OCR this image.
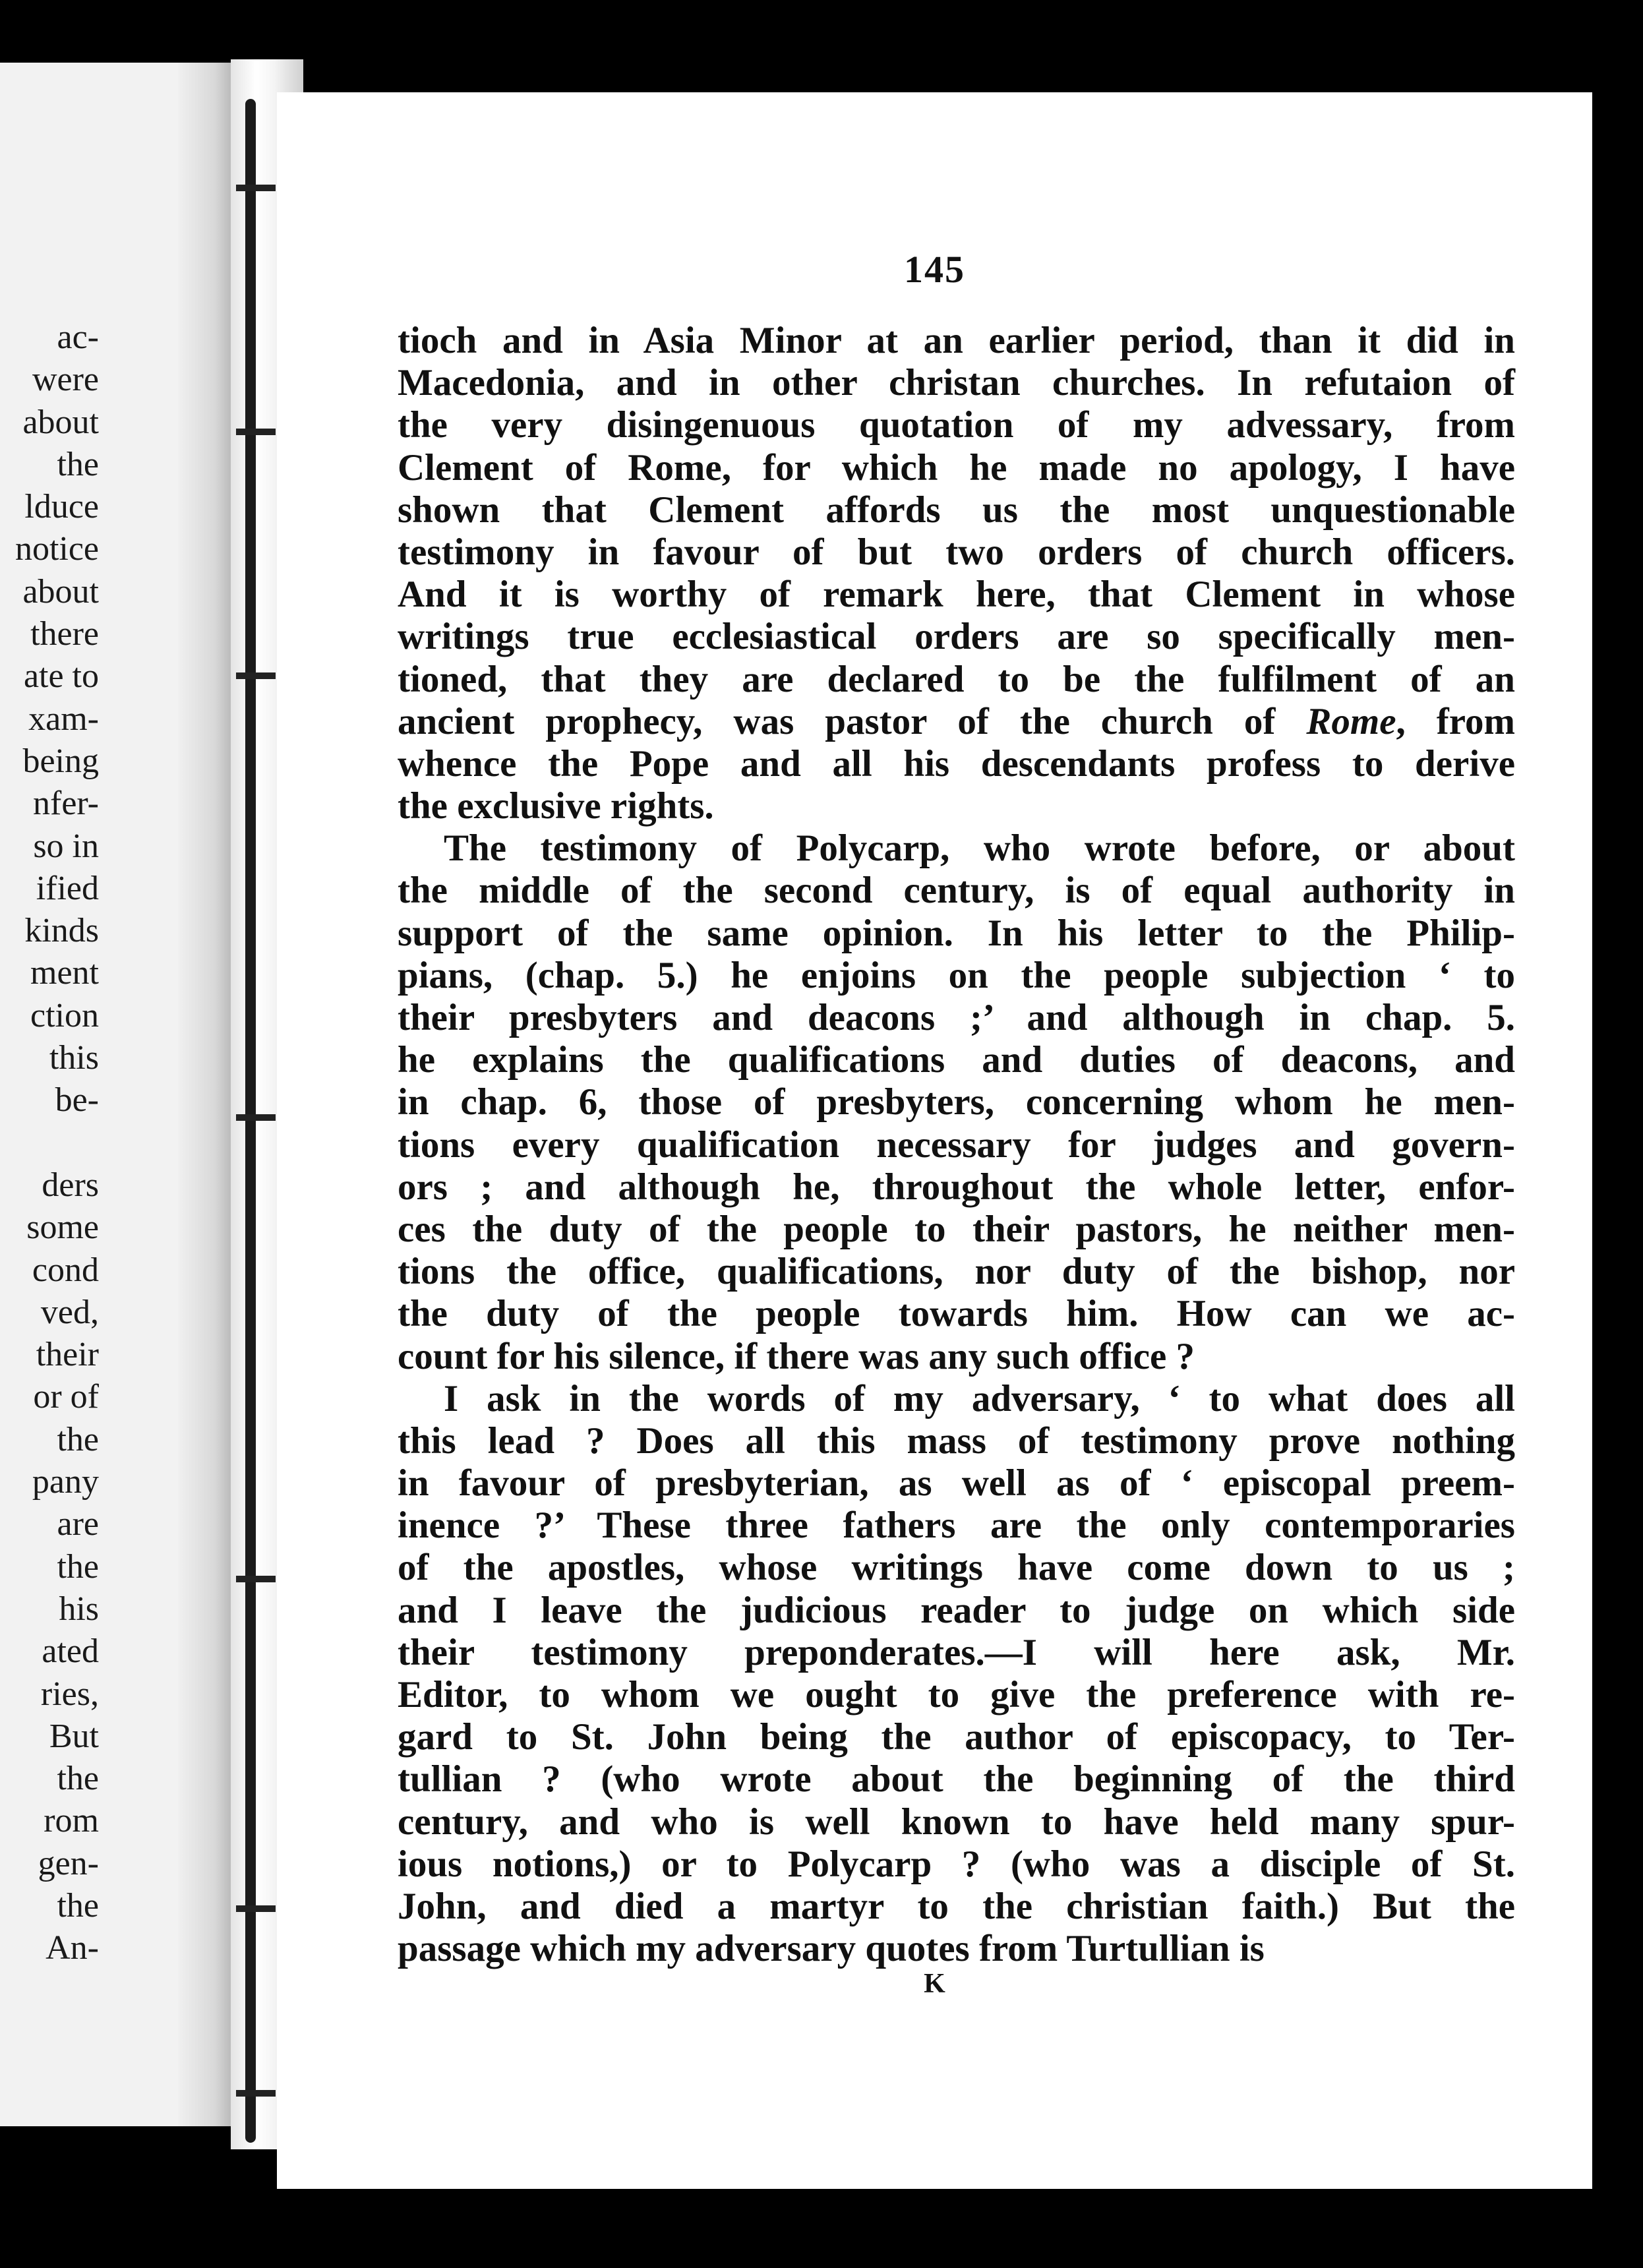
ac-
were
about
the
lduce
notice
about
there
ate to
xam-
being
nfer-
so in
ified
kinds
ment
ction
this
be-
ders
some
cond
ved,
their
or of
the
pany
are
the
his
ated
ries,
But
the
rom
gen-
the
An-
145
tioch and in Asia Minor at an earlier period, than it did in
Macedonia, and in other christan churches. In refutaion of
the very disingenuous quotation of my advessary, from
Clement of Rome, for which he made no apology, I have
shown that Clement affords us the most unquestionable
testimony in favour of but two orders of church officers.
And it is worthy of remark here, that Clement in whose
writings true ecclesiastical orders are so specifically men-
tioned, that they are declared to be the fulfilment of an
ancient prophecy, was pastor of the church of Rome, from
whence the Pope and all his descendants profess to derive
the exclusive rights.
The testimony of Polycarp, who wrote before, or about
the middle of the second century, is of equal authority in
support of the same opinion. In his letter to the Philip-
pians, (chap. 5.) he enjoins on the people subjection ‘ to
their presbyters and deacons ;’ and although in chap. 5.
he explains the qualifications and duties of deacons, and
in chap. 6, those of presbyters, concerning whom he men-
tions every qualification necessary for judges and govern-
ors ; and although he, throughout the whole letter, enfor-
ces the duty of the people to their pastors, he neither men-
tions the office, qualifications, nor duty of the bishop, nor
the duty of the people towards him. How can we ac-
count for his silence, if there was any such office ?
I ask in the words of my adversary, ‘ to what does all
this lead ? Does all this mass of testimony prove nothing
in favour of presbyterian, as well as of ‘ episcopal preem-
inence ?’ These three fathers are the only contemporaries
of the apostles, whose writings have come down to us ;
and I leave the judicious reader to judge on which side
their testimony preponderates.—I will here ask, Mr.
Editor, to whom we ought to give the preference with re-
gard to St. John being the author of episcopacy, to Ter-
tullian ? (who wrote about the beginning of the third
century, and who is well known to have held many spur-
ious notions,) or to Polycarp ? (who was a disciple of St.
John, and died a martyr to the christian faith.) But the
passage which my adversary quotes from Turtullian is
K
